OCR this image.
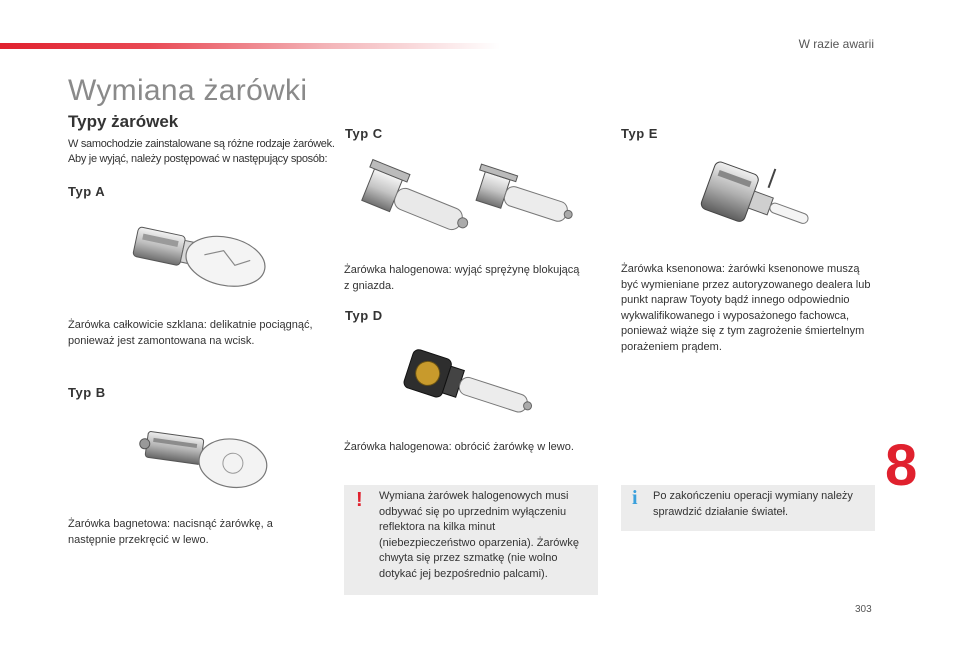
W razie awarii
Wymiana żarówki
Typy żarówek
W samochodzie zainstalowane są różne rodzaje żarówek. Aby je wyjąć, należy postępować w następujący sposób:
Typ A
Żarówka całkowicie szklana: delikatnie pociągnąć, ponieważ jest zamontowana na wcisk.
Typ B
Żarówka bagnetowa: nacisnąć żarówkę, a następnie przekręcić w lewo.
Typ C
Żarówka halogenowa: wyjąć sprężynę blokującą z gniazda.
Typ D
Żarówka halogenowa: obrócić żarówkę w lewo.
Typ E
Żarówka ksenonowa: żarówki ksenonowe muszą być wymieniane przez autoryzowanego dealera lub punkt napraw Toyoty bądź innego odpowiednio wykwalifikowanego i wyposażonego fachowca, ponieważ wiąże się z tym zagrożenie śmiertelnym porażeniem prądem.
! Wymiana żarówek halogenowych musi odbywać się po uprzednim wyłączeniu reflektora na kilka minut (niebezpieczeństwo oparzenia). Żarówkę chwyta się przez szmatkę (nie wolno dotykać jej bezpośrednio palcami).
i Po zakończeniu operacji wymiany należy sprawdzić działanie świateł.
8
303
